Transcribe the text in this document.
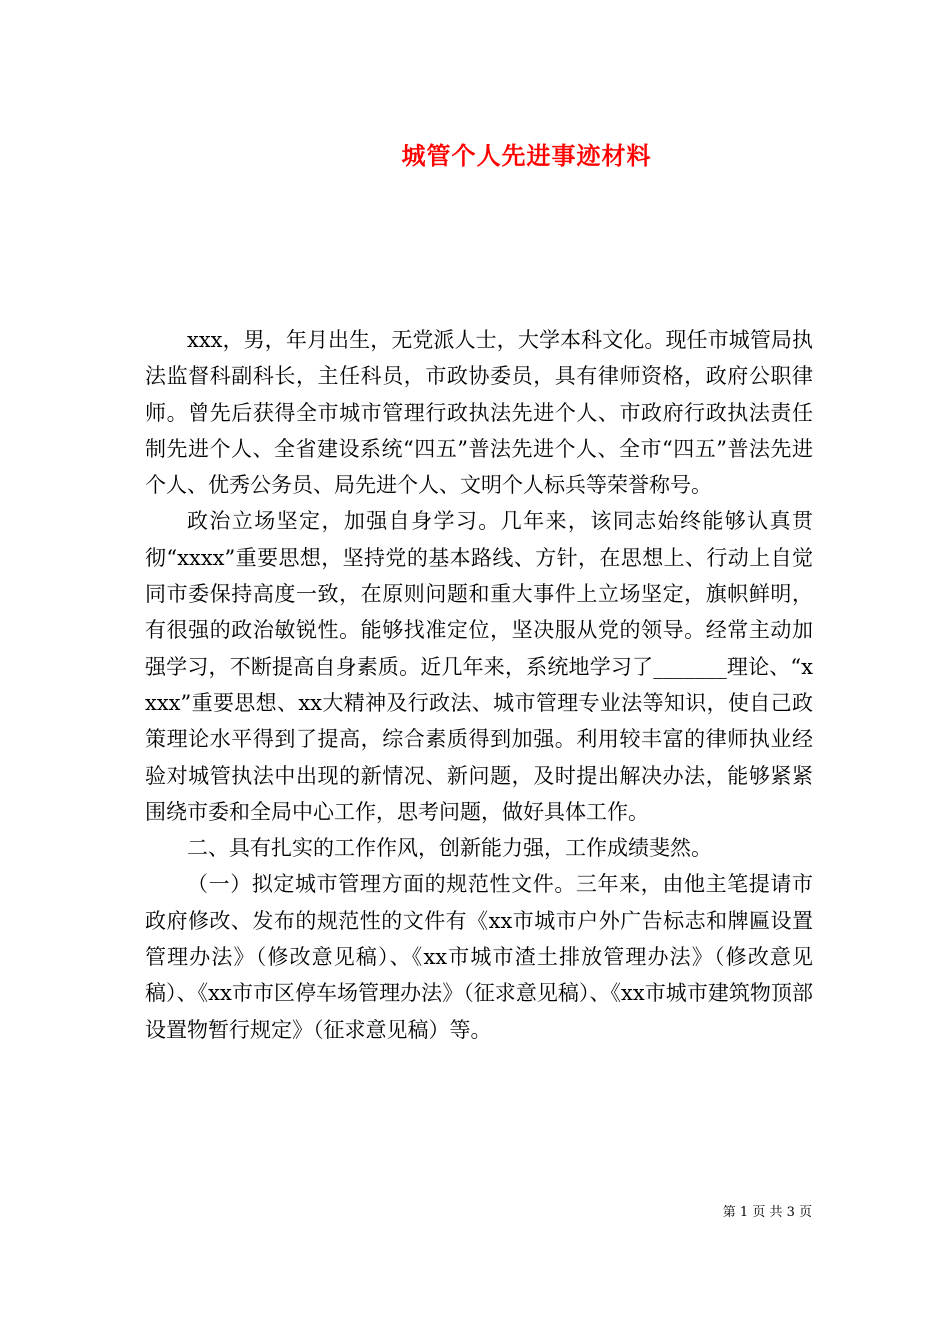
城管个人先进事迹材料

xxx，男，年月出生，无党派人士，大学本科文化。现任市城管局执法监督科副科长，主任科员，市政协委员，具有律师资格，政府公职律师。曾先后获得全市城市管理行政执法先进个人、市政府行政执法责任制先进个人、全省建设系统“四五”普法先进个人、全市“四五”普法先进个人、优秀公务员、局先进个人、文明个人标兵等荣誉称号。

政治立场坚定，加强自身学习。几年来，该同志始终能够认真贯彻“xxxx”重要思想，坚持党的基本路线、方针，在思想上、行动上自觉同市委保持高度一致，在原则问题和重大事件上立场坚定，旗帜鲜明，有很强的政治敏锐性。能够找准定位，坚决服从党的领导。经常主动加强学习，不断提高自身素质。近几年来，系统地学习了_______理论、“xxxx”重要思想、xx大精神及行政法、城市管理专业法等知识，使自己政策理论水平得到了提高，综合素质得到加强。利用较丰富的律师执业经验对城管执法中出现的新情况、新问题，及时提出解决办法，能够紧紧围绕市委和全局中心工作，思考问题，做好具体工作。

二、具有扎实的工作作风，创新能力强，工作成绩斐然。

（一）拟定城市管理方面的规范性文件。三年来，由他主笔提请市政府修改、发布的规范性的文件有《xx市城市户外广告标志和牌匾设置管理办法》（修改意见稿）、《xx市城市渣土排放管理办法》（修改意见稿）、《xx市市区停车场管理办法》（征求意见稿）、《xx市城市建筑物顶部设置物暂行规定》（征求意见稿）等。

第 1 页 共 3 页
